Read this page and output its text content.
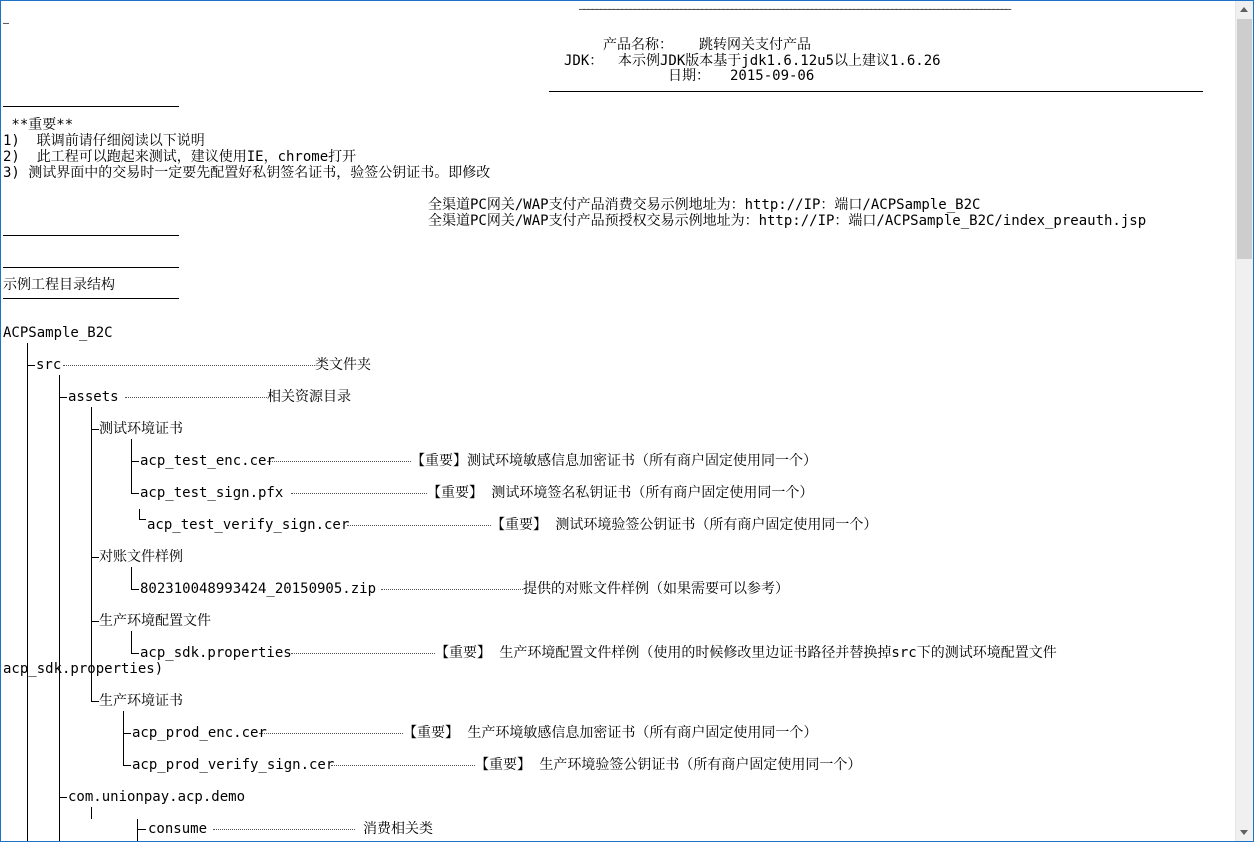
——————————————————————————————————————————————————————————————————————————————————————————————————————
—
产品名称： 跳转网关支付产品
JDK： 本示例JDK版本基于jdk1.6.12u5以上建议1.6.26
日期： 2015-09-06
**重要**
1)  联调前请仔细阅读以下说明
2)  此工程可以跑起来测试，建议使用IE，chrome打开
3) 测试界面中的交易时一定要先配置好私钥签名证书，验签公钥证书。即修改
全渠道PC网关/WAP支付产品消费交易示例地址为：http://IP：端口/ACPSample_B2C
全渠道PC网关/WAP支付产品预授权交易示例地址为：http://IP：端口/ACPSample_B2C/index_preauth.jsp
示例工程目录结构
ACPSample_B2C
src	类文件夹
assets	相关资源目录
测试环境证书
acp_test_enc.cer	【重要】测试环境敏感信息加密证书（所有商户固定使用同一个）
acp_test_sign.pfx	【重要】 测试环境签名私钥证书（所有商户固定使用同一个）
acp_test_verify_sign.cer	【重要】 测试环境验签公钥证书（所有商户固定使用同一个）
对账文件样例
802310048993424_20150905.zip	提供的对账文件样例（如果需要可以参考）
生产环境配置文件
acp_sdk.properties	【重要】 生产环境配置文件样例（使用的时候修改里边证书路径并替换掉src下的测试环境配置文件
acp_sdk.properties)
生产环境证书
acp_prod_enc.cer	【重要】 生产环境敏感信息加密证书（所有商户固定使用同一个）
acp_prod_verify_sign.cer	【重要】 生产环境验签公钥证书（所有商户固定使用同一个）
com.unionpay.acp.demo
consume	消费相关类
